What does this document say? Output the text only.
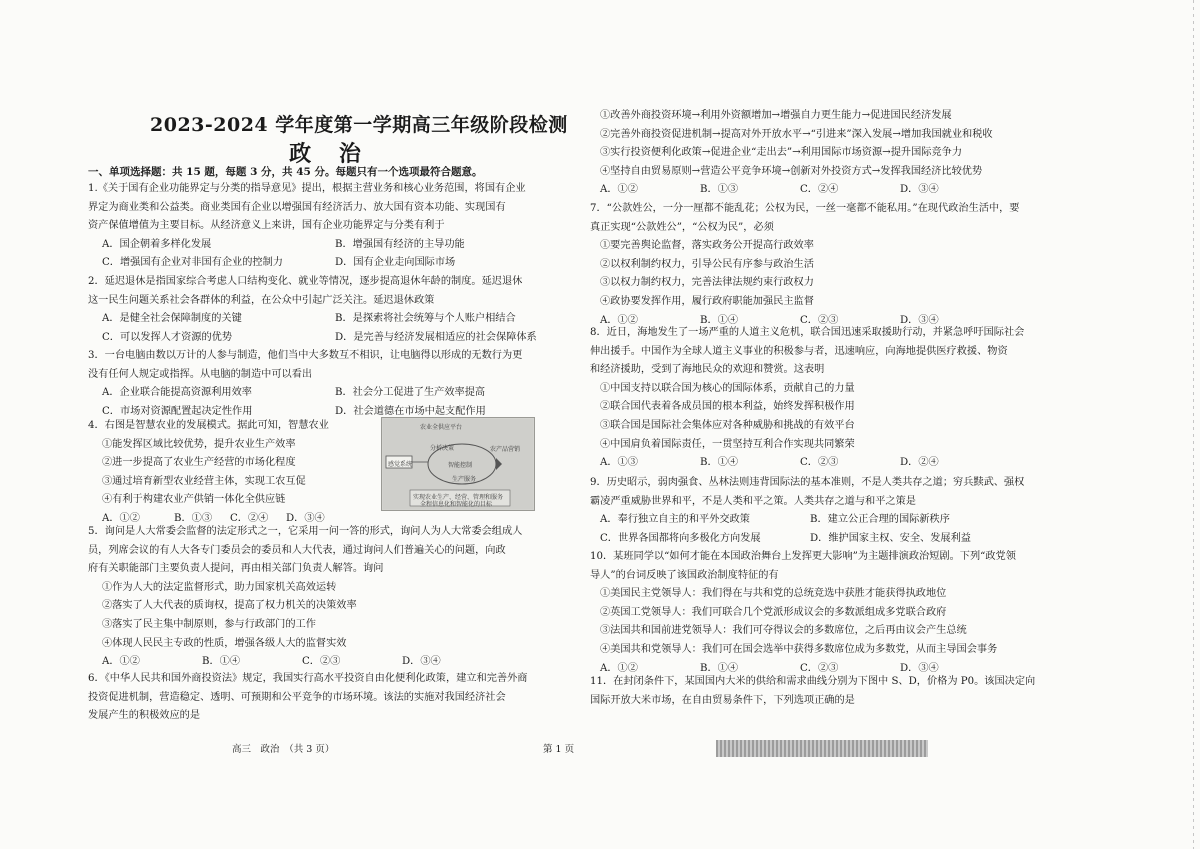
2023-2024 学年度第一学期高三年级阶段检测
政 治
一、单项选择题：共 15 题，每题 3 分，共 45 分。每题只有一个选项最符合题意。
1.《关于国有企业功能界定与分类的指导意见》提出，根据主营业务和核心业务范围，将国有企业
界定为商业类和公益类。商业类国有企业以增强国有经济活力、放大国有资本功能、实现国有
资产保值增值为主要目标。从经济意义上来讲，国有企业功能界定与分类有利于
A．国企朝着多样化发展	B．增强国有经济的主导功能
C．增强国有企业对非国有企业的控制力	D．国有企业走向国际市场
2．延迟退休是指国家综合考虑人口结构变化、就业等情况，逐步提高退休年龄的制度。延迟退休
这一民生问题关系社会各群体的利益，在公众中引起广泛关注。延迟退休政策
A．是健全社会保障制度的关键	B．是探索将社会统筹与个人账户相结合
C．可以发挥人才资源的优势	D．是完善与经济发展相适应的社会保障体系
3．一台电脑由数以万计的人参与制造，他们当中大多数互不相识，让电脑得以形成的无数行为更
没有任何人规定或指挥。从电脑的制造中可以看出
A．企业联合能提高资源利用效率	B．社会分工促进了生产效率提高
C．市场对资源配置起决定性作用	D．社会道德在市场中起支配作用
4．右图是智慧农业的发展模式。据此可知，智慧农业
①能发挥区域比较优势，提升农业生产效率
②进一步提高了农业生产经营的市场化程度
③通过培育新型农业经营主体，实现工农互促
④有利于构建农业产供销一体化全供应链
A．①②	B．①③	C．②④	D．③④
农业全供应平台
分析决策	农产品营销
感觉系统	智能控制
生产服务
实现农业生产、经营、管理和服务
全程信息化和智能化的目标
5．询问是人大常委会监督的法定形式之一，它采用一问一答的形式，询问人为人大常委会组成人
员，列席会议的有人大各专门委员会的委员和人大代表，通过询问人们普遍关心的问题，向政
府有关职能部门主要负责人提问，再由相关部门负责人解答。询问
①作为人大的法定监督形式，助力国家机关高效运转
②落实了人大代表的质询权，提高了权力机关的决策效率
③落实了民主集中制原则，参与行政部门的工作
④体现人民民主专政的性质，增强各级人大的监督实效
A．①②	B．①④	C．②③	D．③④
6．《中华人民共和国外商投资法》规定，我国实行高水平投资自由化便利化政策，建立和完善外商
投资促进机制，营造稳定、透明、可预期和公平竞争的市场环境。该法的实施对我国经济社会
发展产生的积极效应的是
①改善外商投资环境→利用外资额增加→增强自力更生能力→促进国民经济发展
②完善外商投资促进机制→提高对外开放水平→“引进来”深入发展→增加我国就业和税收
③实行投资便利化政策→促进企业“走出去”→利用国际市场资源→提升国际竞争力
④坚持自由贸易原则→营造公平竞争环境→创新对外投资方式→发挥我国经济比较优势
A．①②	B．①③	C．②④	D．③④
7．“公款姓公，一分一厘都不能乱花；公权为民，一丝一毫都不能私用。”在现代政治生活中，要
真正实现“公款姓公”，“公权为民”，必须
①要完善舆论监督，落实政务公开提高行政效率
②以权利制约权力，引导公民有序参与政治生活
③以权力制约权力，完善法律法规约束行政权力
④政协要发挥作用，履行政府职能加强民主监督
A．①②	B．①④	C．②③	D．③④
8．近日，海地发生了一场严重的人道主义危机，联合国迅速采取援助行动，并紧急呼吁国际社会
伸出援手。中国作为全球人道主义事业的积极参与者，迅速响应，向海地提供医疗救援、物资
和经济援助，受到了海地民众的欢迎和赞赏。这表明
①中国支持以联合国为核心的国际体系，贡献自己的力量
②联合国代表着各成员国的根本利益，始终发挥积极作用
③联合国是国际社会集体应对各种威胁和挑战的有效平台
④中国肩负着国际责任，一贯坚持互利合作实现共同繁荣
A．①③	B．①④	C．②③	D．②④
9．历史昭示，弱肉强食、丛林法则违背国际法的基本准则，不是人类共存之道；穷兵黩武、强权
霸凌严重威胁世界和平，不是人类和平之策。人类共存之道与和平之策是
A．奉行独立自主的和平外交政策	B．建立公正合理的国际新秩序
C．世界各国都将向多极化方向发展	D．维护国家主权、安全、发展利益
10．某班同学以“如何才能在本国政治舞台上发挥更大影响”为主题排演政治短剧。下列“政党领
导人”的台词反映了该国政治制度特征的有
①美国民主党领导人：我们得在与共和党的总统竞选中获胜才能获得执政地位
②英国工党领导人：我们可联合几个党派形成议会的多数派组成多党联合政府
③法国共和国前进党领导人：我们可夺得议会的多数席位，之后再由议会产生总统
④美国共和党领导人：我们可在国会选举中获得多数席位成为多数党，从而主导国会事务
A．①②	B．①④	C．②③	D．③④
11．在封闭条件下，某国国内大米的供给和需求曲线分别为下图中 S、D，价格为 P0。该国决定向
国际开放大米市场，在自由贸易条件下，下列选项正确的是
高三　政治　（共 3 页）	第 1 页
